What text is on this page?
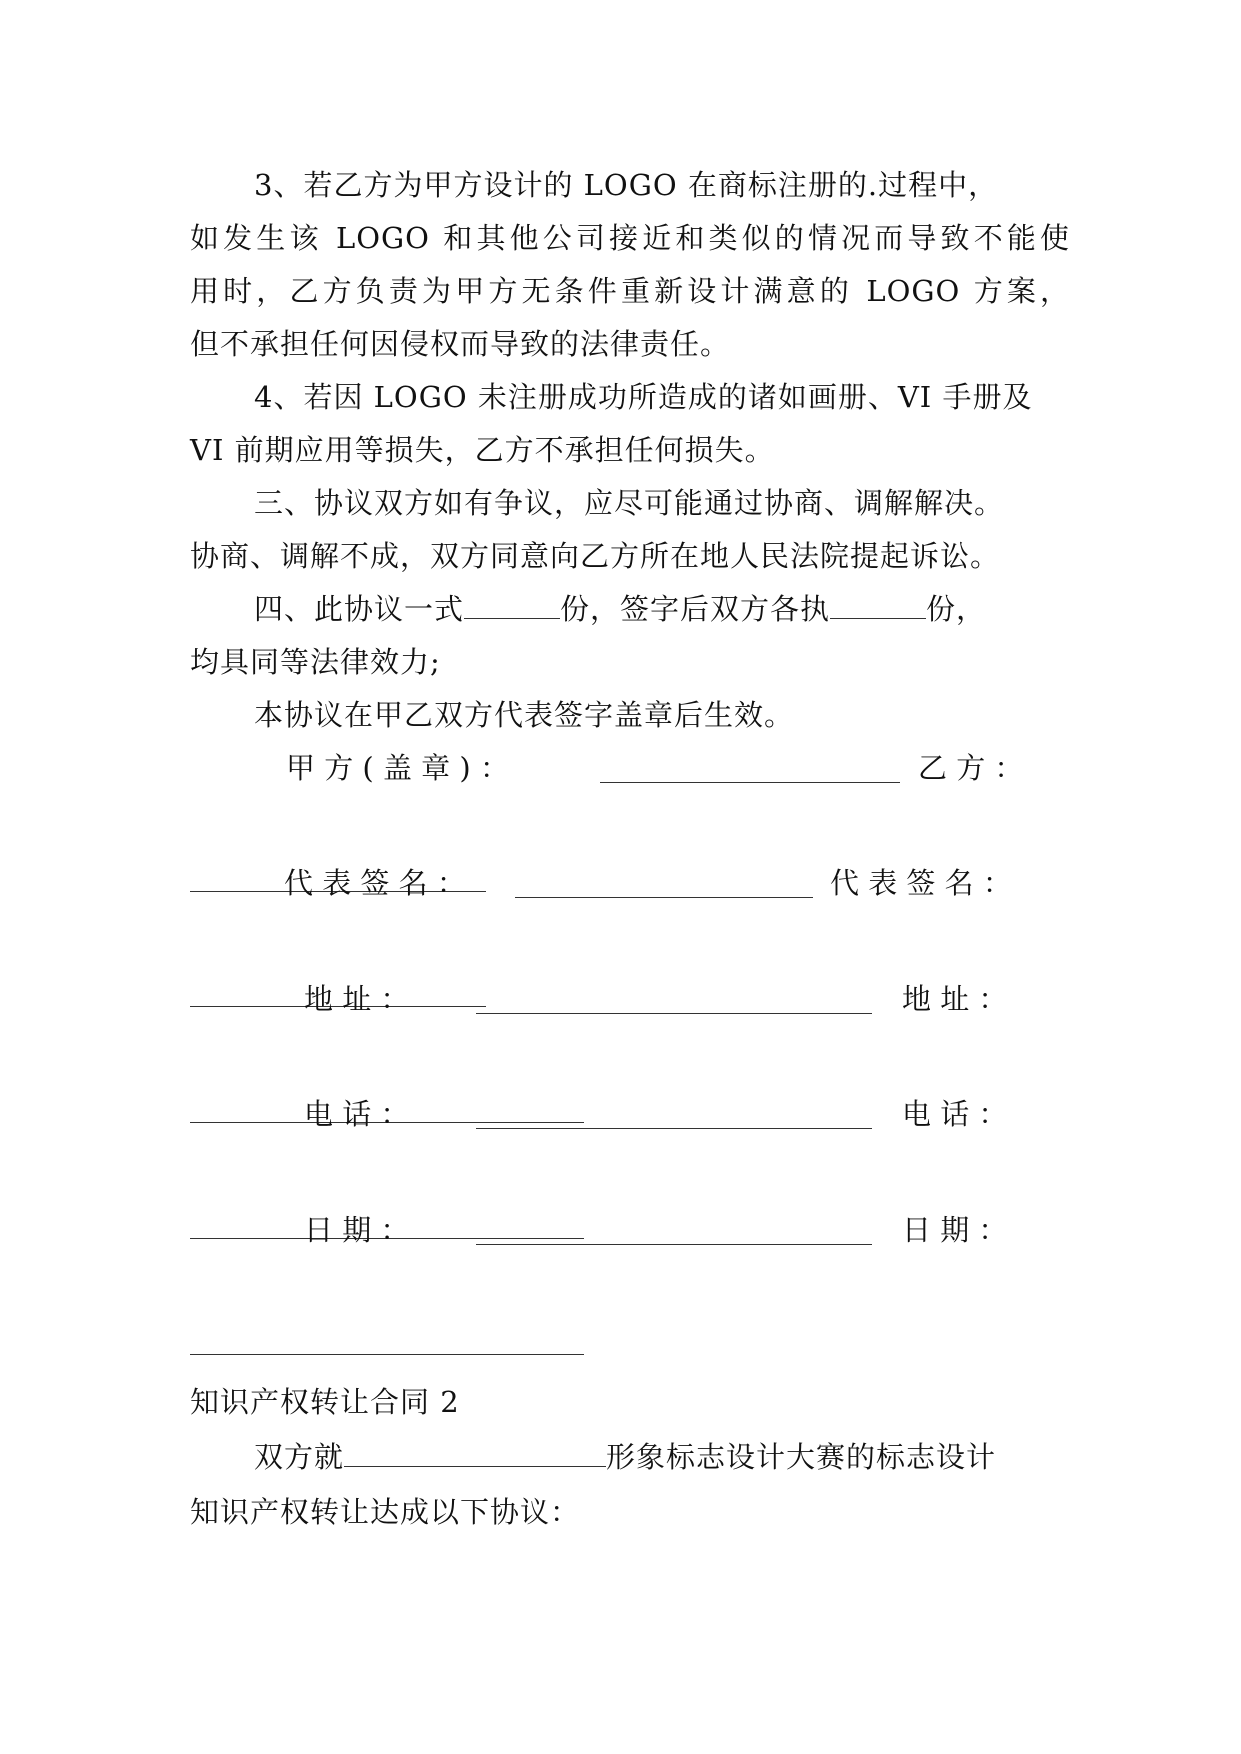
3、若乙方为甲方设计的 LOGO 在商标注册的.过程中，
如发生该 LOGO 和其他公司接近和类似的情况而导致不能使
用时，乙方负责为甲方无条件重新设计满意的 LOGO 方案，
但不承担任何因侵权而导致的法律责任。
4、若因 LOGO 未注册成功所造成的诸如画册、VI 手册及
VI 前期应用等损失，乙方不承担任何损失。
三、协议双方如有争议，应尽可能通过协商、调解解决。
协商、调解不成，双方同意向乙方所在地人民法院提起诉讼。
四、此协议一式	份，签字后双方各执	份，
均具同等法律效力;
本协议在甲乙双方代表签字盖章后生效。
甲 方 ( 盖 章 ) ：	乙 方 ：
代 表 签 名 ：	代 表 签 名 ：
地 址 ：	地 址 ：
电 话 ：	电 话 ：
日 期 ：	日 期 ：
知识产权转让合同 2
双方就	形象标志设计大赛的标志设计
知识产权转让达成以下协议：
